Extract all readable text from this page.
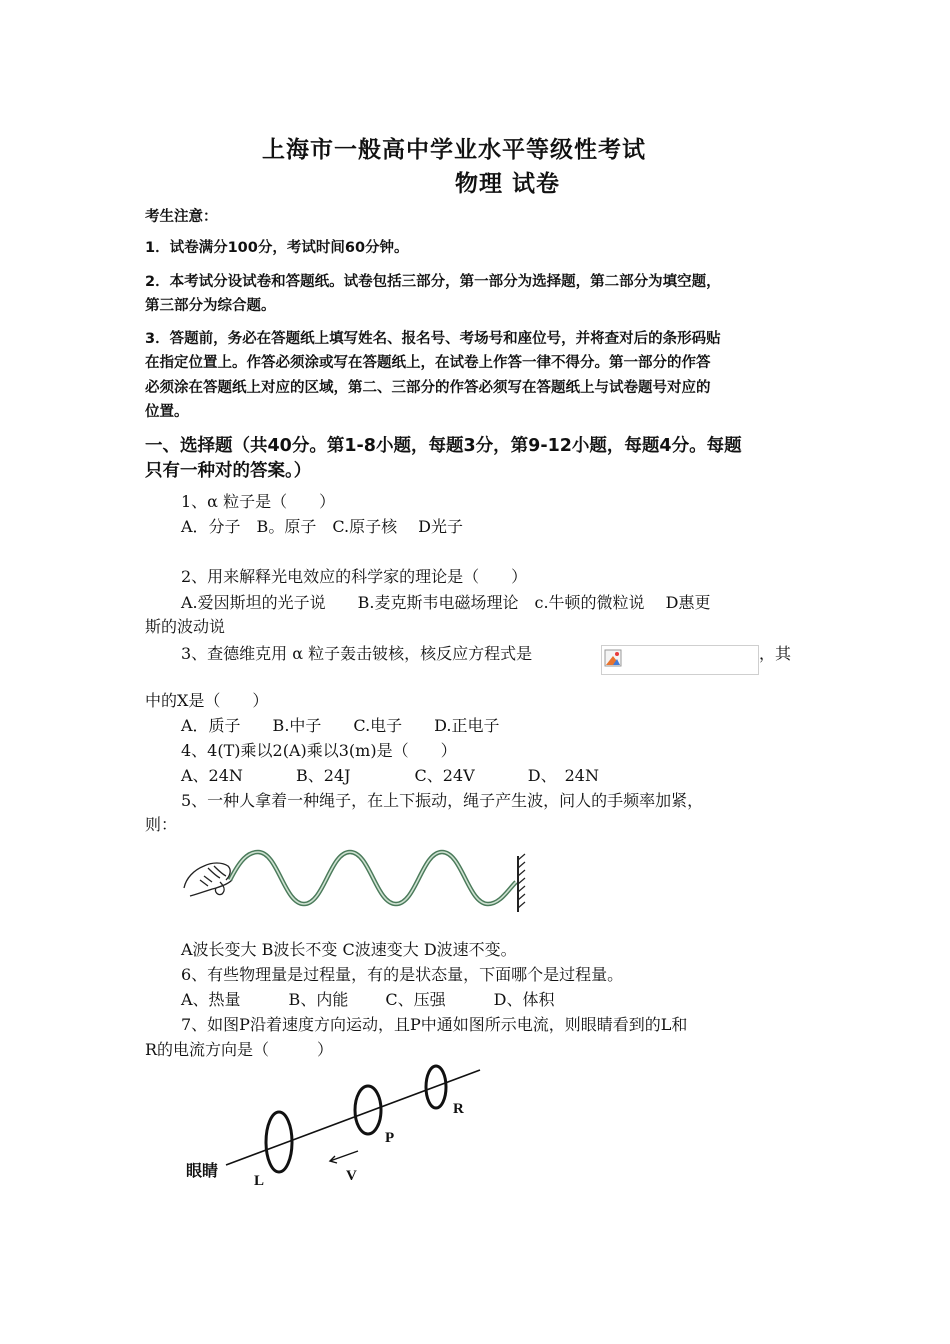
上海市一般高中学业水平等级性考试
物理 试卷
考生注意：
1．试卷满分100分，考试时间60分钟。
2．本考试分设试卷和答题纸。试卷包括三部分，第一部分为选择题，第二部分为填空题，
第三部分为综合题。
3．答题前，务必在答题纸上填写姓名、报名号、考场号和座位号，并将查对后的条形码贴
在指定位置上。作答必须涂或写在答题纸上，在试卷上作答一律不得分。第一部分的作答
必须涂在答题纸上对应的区域，第二、三部分的作答必须写在答题纸上与试卷题号对应的
位置。
一、选择题（共40分。第1-8小题，每题3分，第9-12小题，每题4分。每题
只有一种对的答案。）
1、α 粒子是（　　）
A．分子　B。原子　C.原子核　 D光子
2、用来解释光电效应的科学家的理论是（　　）
A.爱因斯坦的光子说　　B.麦克斯韦电磁场理论　c.牛顿的微粒说　 D惠更
斯的波动说
3、查德维克用 α 粒子轰击铍核，核反应方程式是	，其
中的X是（　　）
A．质子　　B.中子　　C.电子　　D.正电子
4、4(T)乘以2(A)乘以3(m)是（　　）
A、24N　　　 B、24J　　　　C、24V　　　 D、　24N
5、一种人拿着一种绳子，在上下振动，绳子产生波，问人的手频率加紧，
则：
A波长变大 B波长不变 C波速变大 D波速不变。
6、有些物理量是过程量，有的是状态量，下面哪个是过程量。
A、热量　　　B、内能　　 C、压强　　　D、体积
7、如图P沿着速度方向运动，且P中通如图所示电流，则眼睛看到的L和
R的电流方向是（　　　）
眼睛
L
P
R
V
